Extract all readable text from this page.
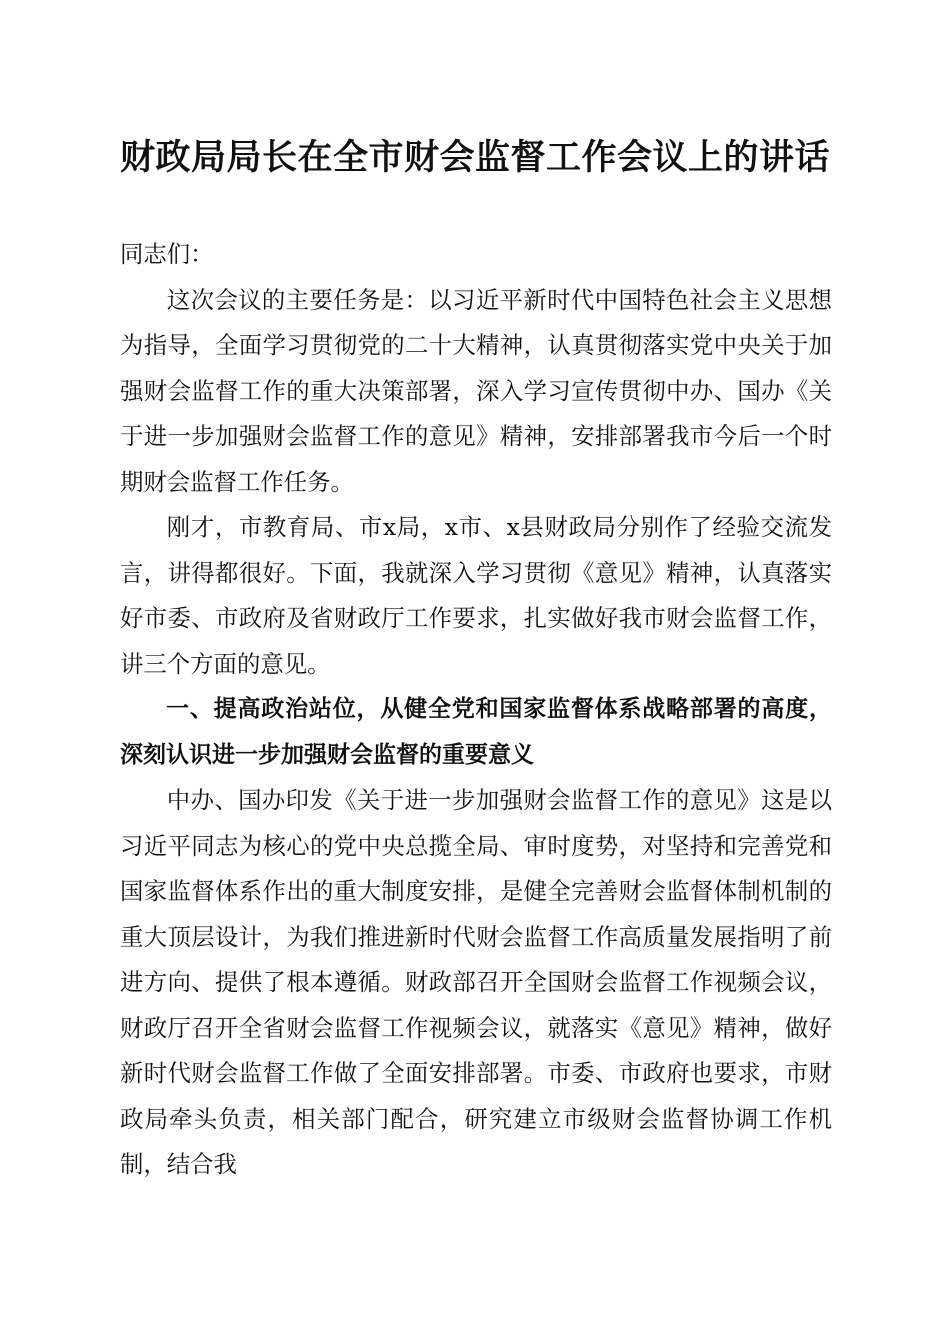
财政局局长在全市财会监督工作会议上的讲话

同志们：

这次会议的主要任务是：以习近平新时代中国特色社会主义思想为指导，全面学习贯彻党的二十大精神，认真贯彻落实党中央关于加强财会监督工作的重大决策部署，深入学习宣传贯彻中办、国办《关于进一步加强财会监督工作的意见》精神，安排部署我市今后一个时期财会监督工作任务。

刚才，市教育局、市x局，x市、x县财政局分别作了经验交流发言，讲得都很好。下面，我就深入学习贯彻《意见》精神，认真落实好市委、市政府及省财政厅工作要求，扎实做好我市财会监督工作，讲三个方面的意见。

一、提高政治站位，从健全党和国家监督体系战略部署的高度，深刻认识进一步加强财会监督的重要意义

中办、国办印发《关于进一步加强财会监督工作的意见》这是以习近平同志为核心的党中央总揽全局、审时度势，对坚持和完善党和国家监督体系作出的重大制度安排，是健全完善财会监督体制机制的重大顶层设计，为我们推进新时代财会监督工作高质量发展指明了前进方向、提供了根本遵循。财政部召开全国财会监督工作视频会议，财政厅召开全省财会监督工作视频会议，就落实《意见》精神，做好新时代财会监督工作做了全面安排部署。市委、市政府也要求，市财政局牵头负责，相关部门配合，研究建立市级财会监督协调工作机制，结合我
